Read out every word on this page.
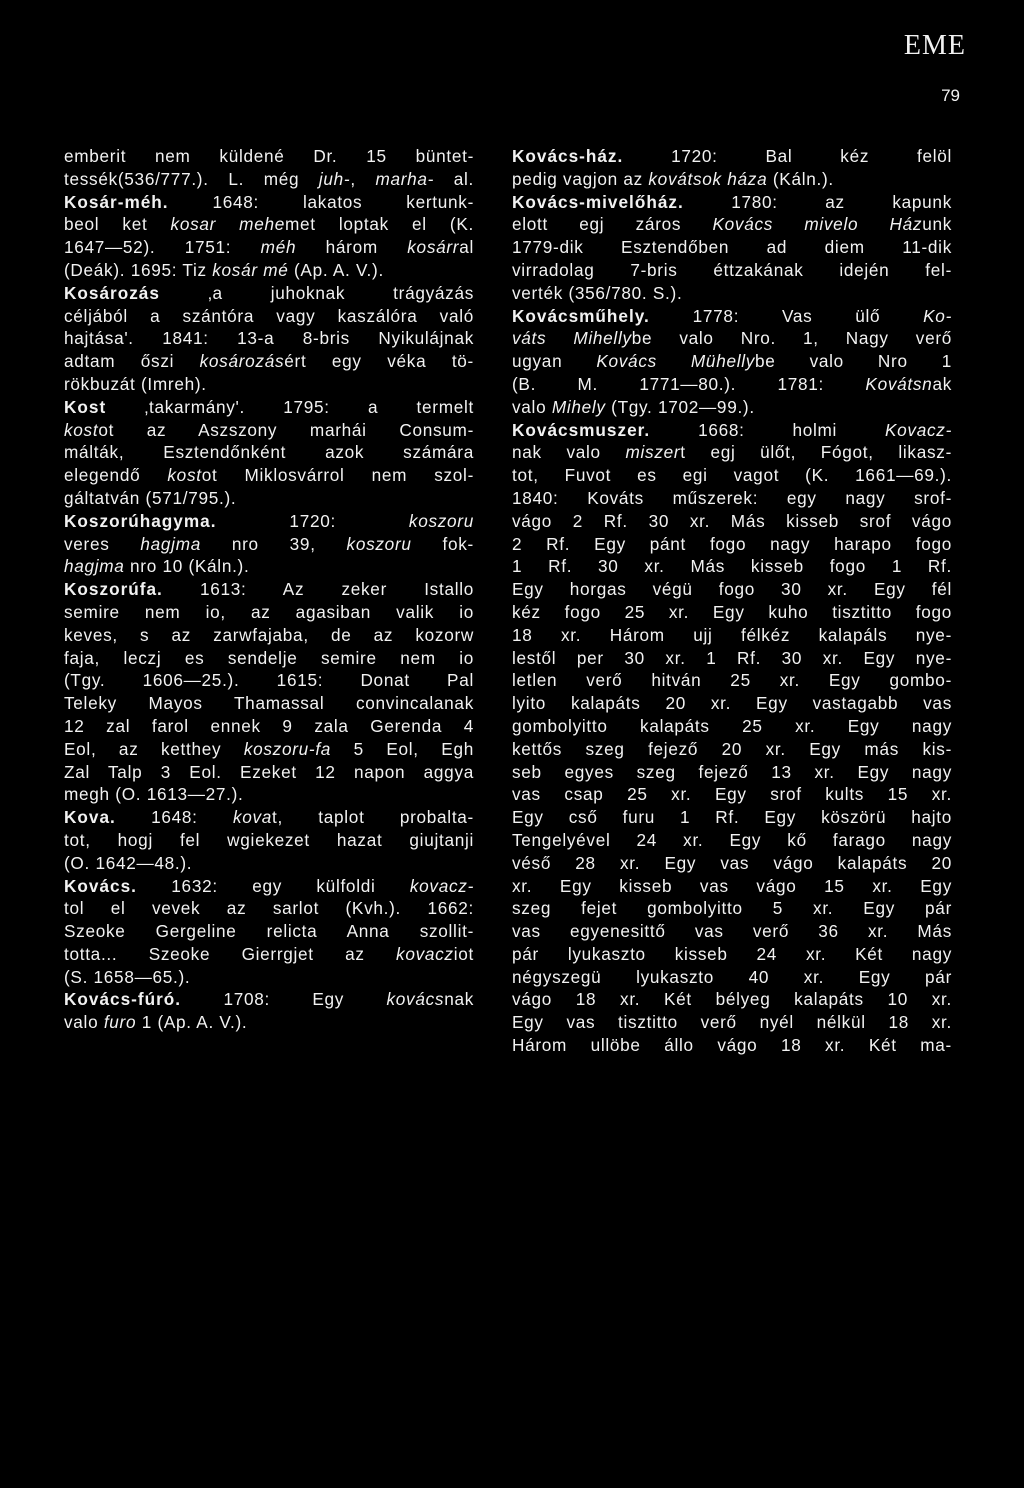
EME
79
emberit nem küldené Dr. 15 büntet-
tessék(536/777.). L. még juh-, marha- al.
Kosár-méh. 1648: lakatos kertunk-
beol ket kosar mehemet loptak el (K.
1647—52). 1751: méh három kosárral
(Deák). 1695: Tiz kosár mé (Ap. A. V.).
Kosározás ‚a juhoknak trágyázás
céljából a szántóra vagy kaszálóra való
hajtása'. 1841: 13-a 8-bris Nyikulájnak
adtam őszi kosározásért egy véka tö-
rökbuzát (Imreh).
Kost ‚takarmány'. 1795: a termelt
kostot az Aszszony marhái Consum-
málták, Esztendőnként azok számára
elegendő kostot Miklosvárrol nem szol-
gáltatván (571/795.).
Koszorúhagyma. 1720: koszoru
veres hagjma nro 39, koszoru fok-
hagjma nro 10 (Káln.).
Koszorúfa. 1613: Az zeker Istallo
semire nem io, az agasiban valik io
keves, s az zarwfajaba, de az kozorw
faja, leczj es sendelje semire nem io
(Tgy. 1606—25.). 1615: Donat Pal
Teleky Mayos Thamassal convincalanak
12 zal farol ennek 9 zala Gerenda 4
Eol, az ketthey koszoru-fa 5 Eol, Egh
Zal Talp 3 Eol. Ezeket 12 napon aggya
megh (O. 1613—27.).
Kova. 1648: kovat, taplot probalta-
tot, hogj fel wgiekezet hazat giujtanji
(O. 1642—48.).
Kovács. 1632: egy külfoldi kovacz-
tol el vevek az sarlot (Kvh.). 1662:
Szeoke Gergeline relicta Anna szollit-
totta... Szeoke Gierrgjet az kovacziot
(S. 1658—65.).
Kovács-fúró. 1708: Egy kovácsnak
valo furo 1 (Ap. A. V.).
Kovács-ház. 1720: Bal kéz felöl
pedig vagjon az kovátsok háza (Káln.).
Kovács-mivelőház. 1780: az kapunk
elott egj záros Kovács mivelo Házunk
1779-dik Esztendőben ad diem 11-dik
virradolag 7-bris éttzakának idején fel-
verték (356/780. S.).
Kovácsműhely. 1778: Vas ülő Ko-
váts Mihellybe valo Nro. 1, Nagy verő
ugyan Kovács Mühellybe valo Nro 1
(B. M. 1771—80.). 1781: Kovátsnak
valo Mihely (Tgy. 1702—99.).
Kovácsmuszer. 1668: holmi Kovacz-
nak valo miszert egj ülőt, Fógot, likasz-
tot, Fuvot es egi vagot (K. 1661—69.).
1840: Kováts műszerek: egy nagy srof-
vágo 2 Rf. 30 xr. Más kisseb srof vágo
2 Rf. Egy pánt fogo nagy harapo fogo
1 Rf. 30 xr. Más kisseb fogo 1 Rf.
Egy horgas végü fogo 30 xr. Egy fél
kéz fogo 25 xr. Egy kuho tisztitto fogo
18 xr. Három ujj félkéz kalapáls nye-
lestől per 30 xr. 1 Rf. 30 xr. Egy nye-
letlen verő hitván 25 xr. Egy gombo-
lyito kalapáts 20 xr. Egy vastagabb vas
gombolyitto kalapáts 25 xr. Egy nagy
kettős szeg fejező 20 xr. Egy más kis-
seb egyes szeg fejező 13 xr. Egy nagy
vas csap 25 xr. Egy srof kults 15 xr.
Egy cső furu 1 Rf. Egy köszörü hajto
Tengelyével 24 xr. Egy kő farago nagy
véső 28 xr. Egy vas vágo kalapáts 20
xr. Egy kisseb vas vágo 15 xr. Egy
szeg fejet gombolyitto 5 xr. Egy pár
vas egyenesittő vas verő 36 xr. Más
pár lyukaszto kisseb 24 xr. Két nagy
négyszegü lyukaszto 40 xr. Egy pár
vágo 18 xr. Két bélyeg kalapáts 10 xr.
Egy vas tisztitto verő nyél nélkül 18 xr.
Három ullöbe állo vágo 18 xr. Két ma-
